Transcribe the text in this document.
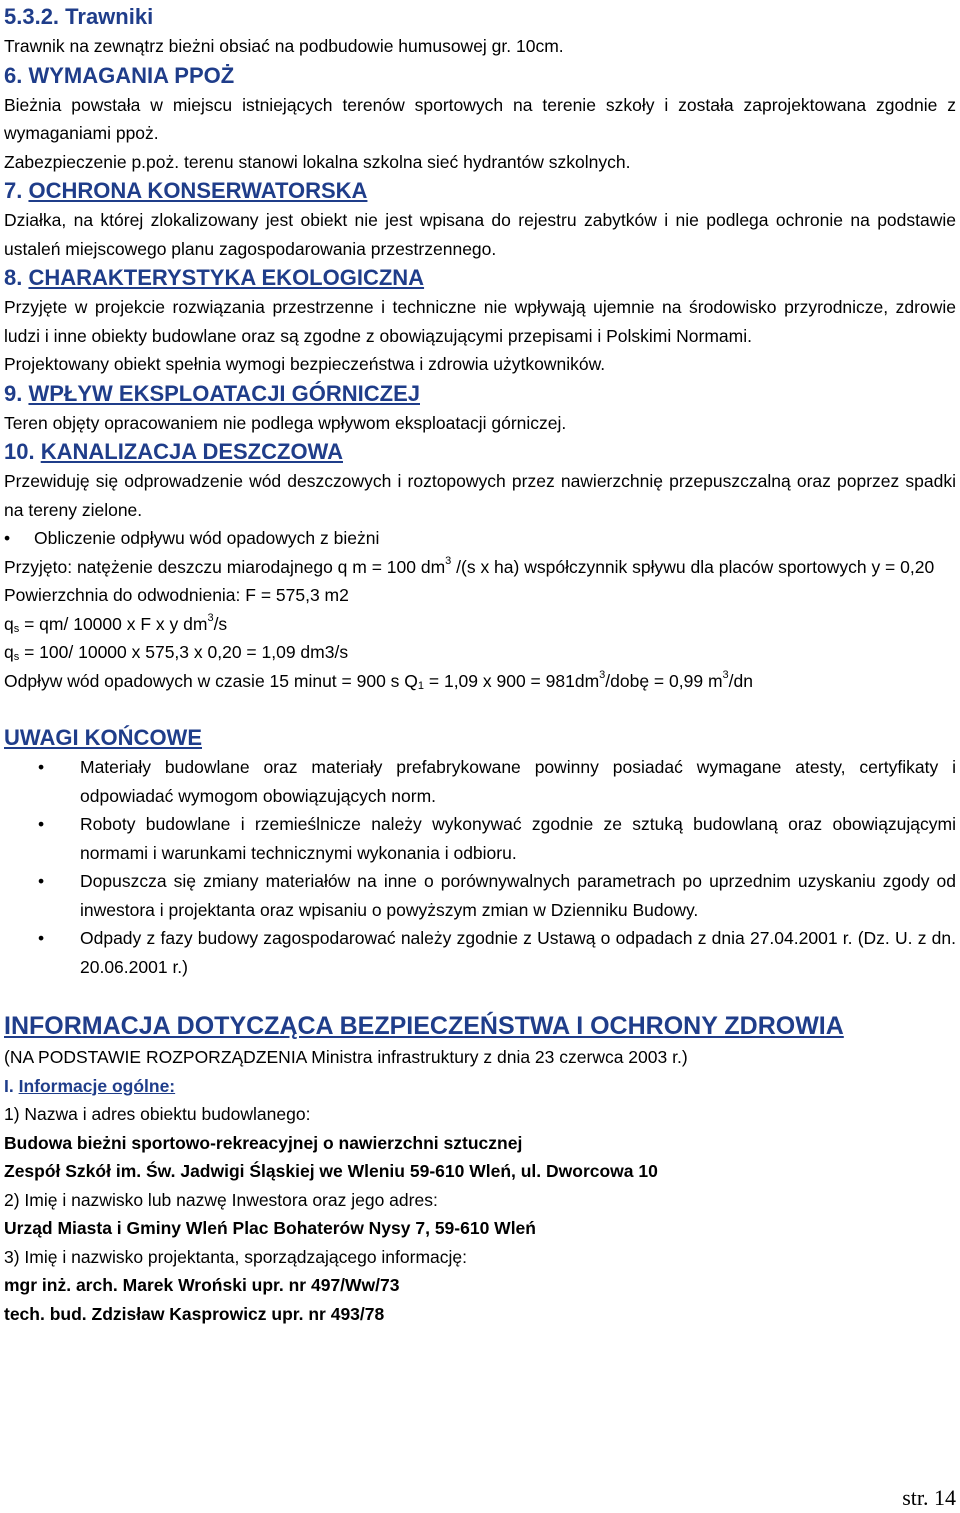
5.3.2. Trawniki

Trawnik na zewnątrz bieżni obsiać na podbudowie humusowej gr. 10cm.

6. WYMAGANIA PPOŻ

Bieżnia powstała w miejscu istniejących terenów sportowych na terenie szkoły i została zaprojektowana zgodnie z wymaganiami ppoż.

Zabezpieczenie p.poż. terenu stanowi lokalna szkolna sieć hydrantów szkolnych.

7. OCHRONA KONSERWATORSKA

Działka, na której zlokalizowany jest obiekt nie jest wpisana do rejestru zabytków i nie podlega ochronie na podstawie ustaleń miejscowego planu zagospodarowania przestrzennego.

8. CHARAKTERYSTYKA EKOLOGICZNA

Przyjęte w projekcie rozwiązania przestrzenne i techniczne nie wpływają ujemnie na środowisko przyrodnicze, zdrowie ludzi i inne obiekty budowlane oraz są zgodne z obowiązującymi przepisami i Polskimi Normami.

Projektowany obiekt spełnia wymogi bezpieczeństwa i zdrowia użytkowników.

9. WPŁYW EKSPLOATACJI GÓRNICZEJ

Teren objęty opracowaniem nie podlega wpływom eksploatacji górniczej.

10. KANALIZACJA DESZCZOWA

Przewiduję się odprowadzenie wód deszczowych i roztopowych przez nawierzchnię przepuszczalną oraz poprzez spadki na tereny zielone.

•	Obliczenie odpływu wód opadowych z bieżni

Przyjęto: natężenie deszczu miarodajnego q m = 100 $dm^3$ /(s x ha) współczynnik spływu dla placów sportowych y = 0,20

Powierzchnia do odwodnienia: F = 575,3 m2

$q_s = qm/$ 10000 x F x y $dm^3/s$

$q_s = 100/$ 10000 x 575,3 x 0,20 = 1,09 dm3/s

Odpływ wód opadowych w czasie 15 minut = 900 s $Q_1 = 1,09$ x $900 = 981dm^3$/dobę = 0,99 $m^3/dn$

UWAGI KOŃCOWE

•	Materiały budowlane oraz materiały prefabrykowane powinny posiadać wymagane atesty, certyfikaty i odpowiadać wymogom obowiązujących norm.
•	Roboty budowlane i rzemieślnicze należy wykonywać zgodnie ze sztuką budowlaną oraz obowiązującymi normami i warunkami technicznymi wykonania i odbioru.
•	Dopuszcza się zmiany materiałów na inne o porównywalnych parametrach po uprzednim uzyskaniu zgody od inwestora i projektanta oraz wpisaniu o powyższym zmian w Dzienniku Budowy.
•	Odpady z fazy budowy zagospodarować należy zgodnie z Ustawą o odpadach z dnia 27.04.2001 r. (Dz. U. z dn. 20.06.2001 r.)

INFORMACJA DOTYCZĄCA BEZPIECZEŃSTWA I OCHRONY ZDROWIA

(NA PODSTAWIE ROZPORZĄDZENIA Ministra infrastruktury z dnia 23 czerwca 2003 r.)

I. Informacje ogólne:

1) Nazwa i adres obiektu budowlanego:

Budowa bieżni sportowo-rekreacyjnej o nawierzchni sztucznej

Zespół Szkół im. Św. Jadwigi Śląskiej we Wleniu 59-610 Wleń, ul. Dworcowa 10

2) Imię i nazwisko lub nazwę Inwestora oraz jego adres:

Urząd Miasta i Gminy Wleń Plac Bohaterów Nysy 7, 59-610 Wleń

3) Imię i nazwisko projektanta, sporządzającego informację:

mgr inż. arch. Marek Wroński upr. nr 497/Ww/73

tech. bud. Zdzisław Kasprowicz upr. nr 493/78

str. 14
